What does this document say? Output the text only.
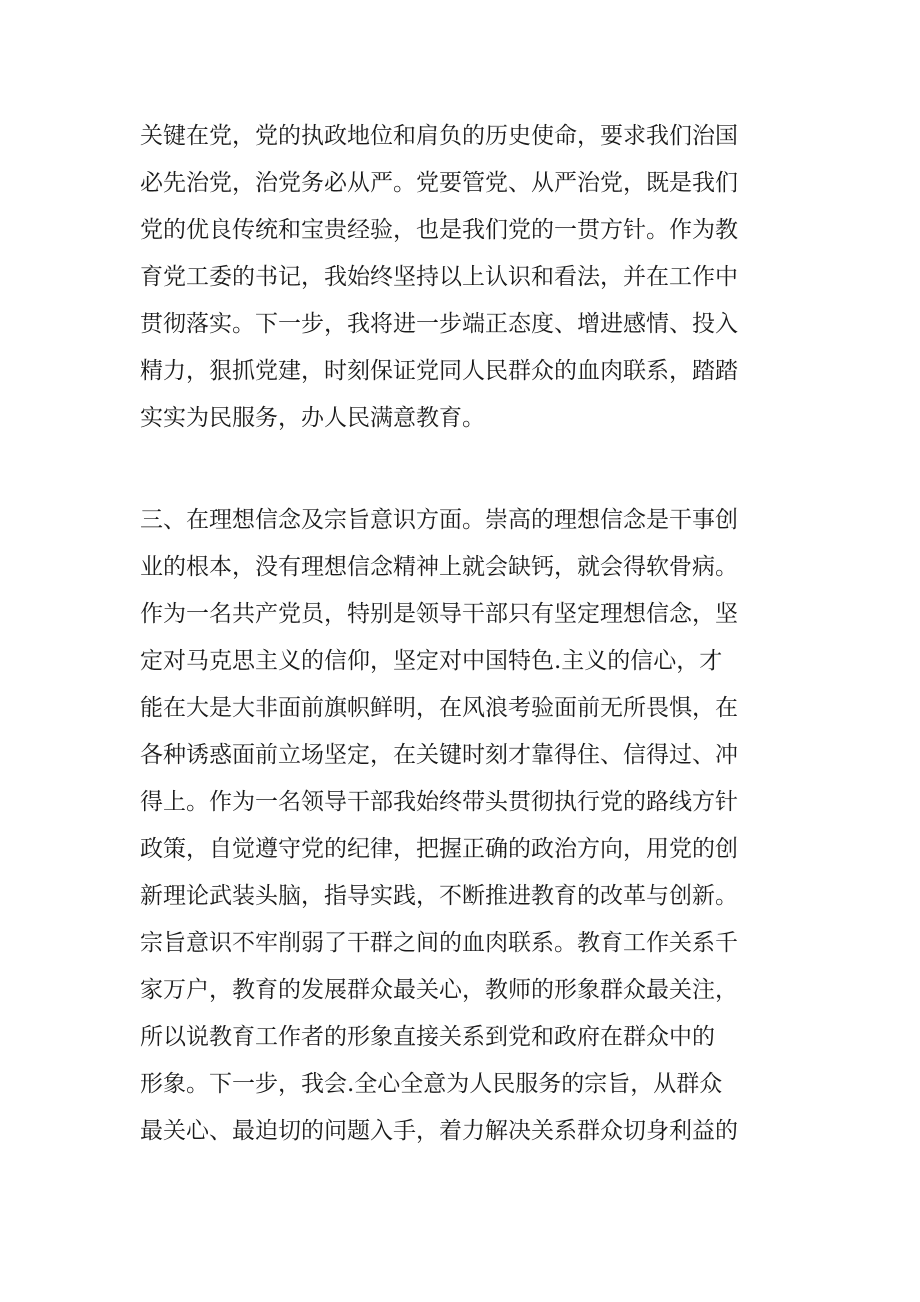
关键在党，党的执政地位和肩负的历史使命，要求我们治国
必先治党，治党务必从严。党要管党、从严治党，既是我们
党的优良传统和宝贵经验，也是我们党的一贯方针。作为教
育党工委的书记，我始终坚持以上认识和看法，并在工作中
贯彻落实。下一步，我将进一步端正态度、增进感情、投入
精力，狠抓党建，时刻保证党同人民群众的血肉联系，踏踏
实实为民服务，办人民满意教育。
三、在理想信念及宗旨意识方面。崇高的理想信念是干事创
业的根本，没有理想信念精神上就会缺钙，就会得软骨病。
作为一名共产党员，特别是领导干部只有坚定理想信念，坚
定对马克思主义的信仰，坚定对中国特色.主义的信心，才
能在大是大非面前旗帜鲜明，在风浪考验面前无所畏惧，在
各种诱惑面前立场坚定，在关键时刻才靠得住、信得过、冲
得上。作为一名领导干部我始终带头贯彻执行党的路线方针
政策，自觉遵守党的纪律，把握正确的政治方向，用党的创
新理论武装头脑，指导实践，不断推进教育的改革与创新。
宗旨意识不牢削弱了干群之间的血肉联系。教育工作关系千
家万户，教育的发展群众最关心，教师的形象群众最关注，
所以说教育工作者的形象直接关系到党和政府在群众中的
形象。下一步，我会.全心全意为人民服务的宗旨，从群众
最关心、最迫切的问题入手，着力解决关系群众切身利益的
